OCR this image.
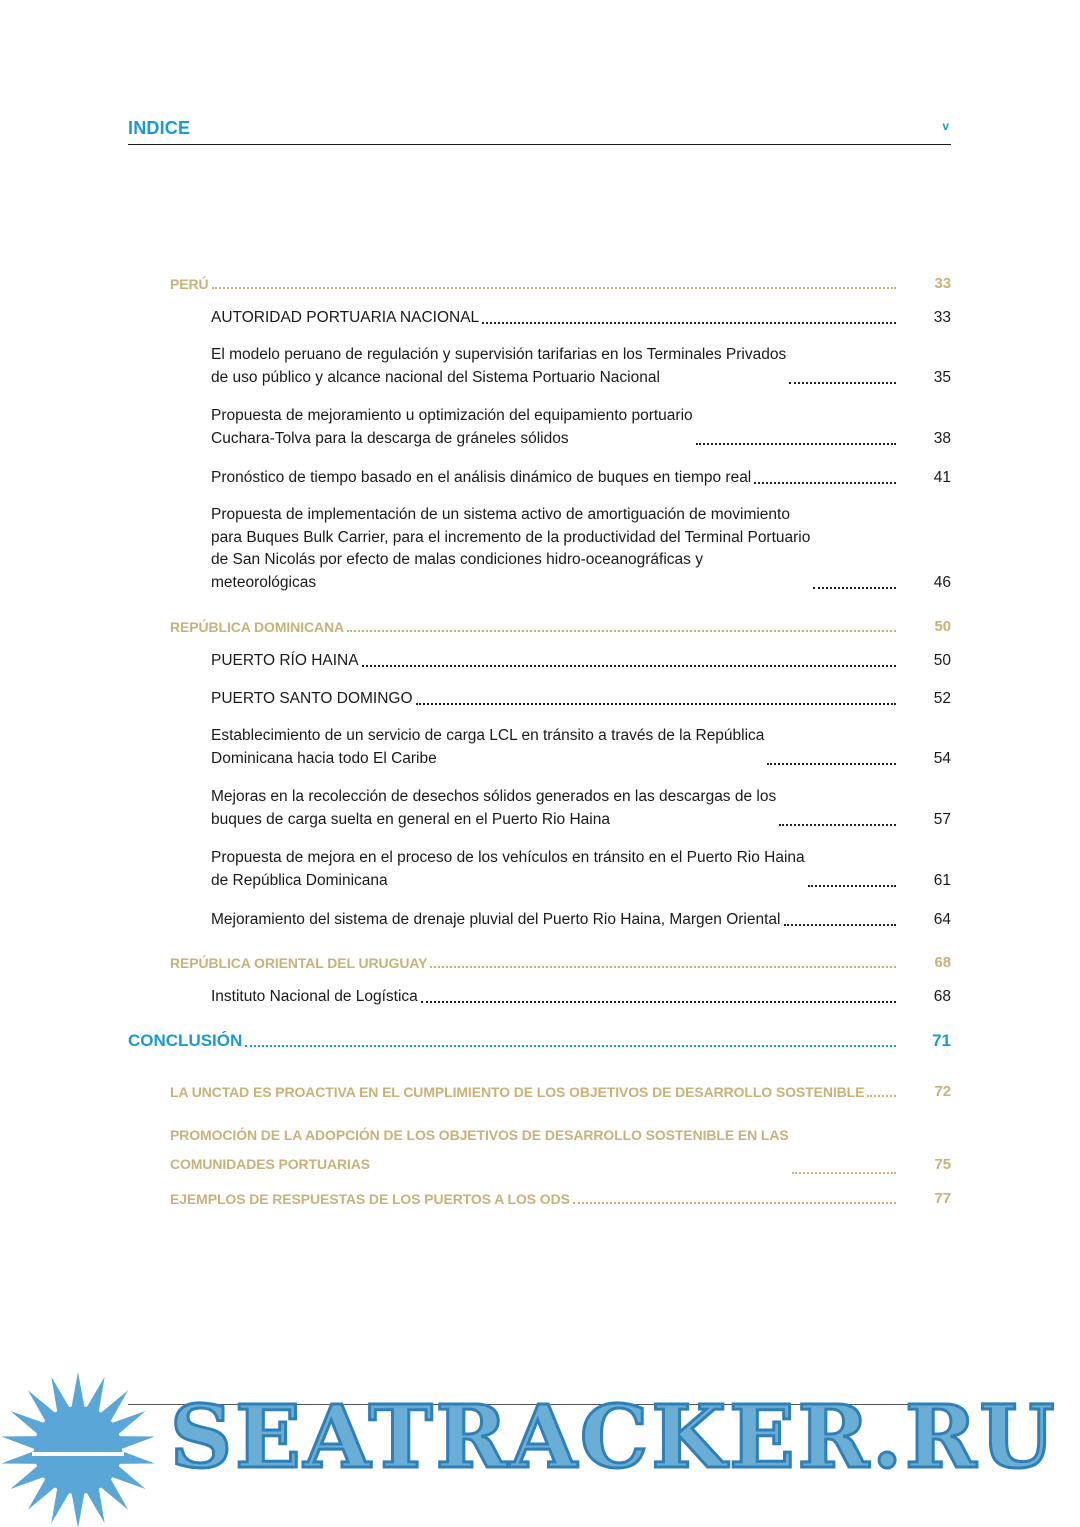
INDICE	v
PERÚ	33
AUTORIDAD PORTUARIA NACIONAL	33
El modelo peruano de regulación y supervisión tarifarias en los Terminales Privados
de uso público y alcance nacional del Sistema Portuario Nacional	35
Propuesta de mejoramiento u optimización del equipamiento portuario
Cuchara-Tolva para la descarga de gráneles sólidos	38
Pronóstico de tiempo basado en el análisis dinámico de buques en tiempo real	41
Propuesta de implementación de un sistema activo de amortiguación de movimiento
para Buques Bulk Carrier, para el incremento de la productividad del Terminal Portuario
de San Nicolás por efecto de malas condiciones hidro-oceanográficas y
meteorológicas	46
REPÚBLICA DOMINICANA	50
PUERTO RÍO HAINA	50
PUERTO SANTO DOMINGO	52
Establecimiento de un servicio de carga LCL en tránsito a través de la República
Dominicana hacia todo El Caribe	54
Mejoras en la recolección de desechos sólidos generados en las descargas de los
buques de carga suelta en general en el Puerto Rio Haina	57
Propuesta de mejora en el proceso de los vehículos en tránsito en el Puerto Rio Haina
de República Dominicana	61
Mejoramiento del sistema de drenaje pluvial del Puerto Rio Haina, Margen Oriental	64
REPÚBLICA ORIENTAL DEL URUGUAY	68
Instituto Nacional de Logística	68
CONCLUSIÓN	71
LA UNCTAD ES PROACTIVA EN EL CUMPLIMIENTO DE LOS OBJETIVOS DE DESARROLLO SOSTENIBLE	72
PROMOCIÓN DE LA ADOPCIÓN DE LOS OBJETIVOS DE DESARROLLO SOSTENIBLE EN LAS
COMUNIDADES PORTUARIAS	75
EJEMPLOS DE RESPUESTAS DE LOS PUERTOS A LOS ODS	77
SEATRACKER.RU
